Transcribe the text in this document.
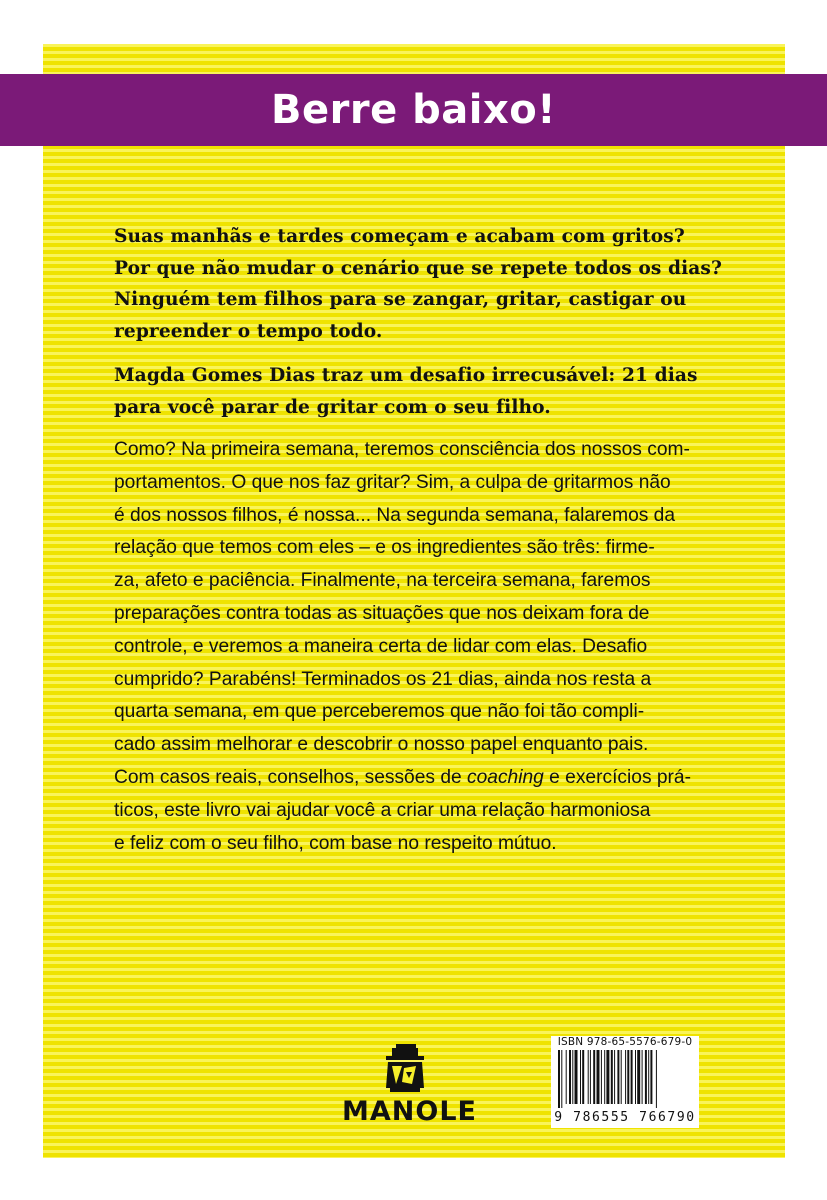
Berre baixo!
Suas manhãs e tardes começam e acabam com gritos?
Por que não mudar o cenário que se repete todos os dias?
Ninguém tem filhos para se zangar, gritar, castigar ou
repreender o tempo todo.
Magda Gomes Dias traz um desafio irrecusável: 21 dias
para você parar de gritar com o seu filho.
Como? Na primeira semana, teremos consciência dos nossos com-
portamentos. O que nos faz gritar? Sim, a culpa de gritarmos não
é dos nossos filhos, é nossa... Na segunda semana, falaremos da
relação que temos com eles – e os ingredientes são três: firme-
za, afeto e paciência. Finalmente, na terceira semana, faremos
preparações contra todas as situações que nos deixam fora de
controle, e veremos a maneira certa de lidar com elas. Desafio
cumprido? Parabéns! Terminados os 21 dias, ainda nos resta a
quarta semana, em que perceberemos que não foi tão compli-
cado assim melhorar e descobrir o nosso papel enquanto pais.
Com casos reais, conselhos, sessões de coaching e exercícios prá-
ticos, este livro vai ajudar você a criar uma relação harmoniosa
e feliz com o seu filho, com base no respeito mútuo.
MANOLE
ISBN 978-65-5576-679-0
9 786555 766790
